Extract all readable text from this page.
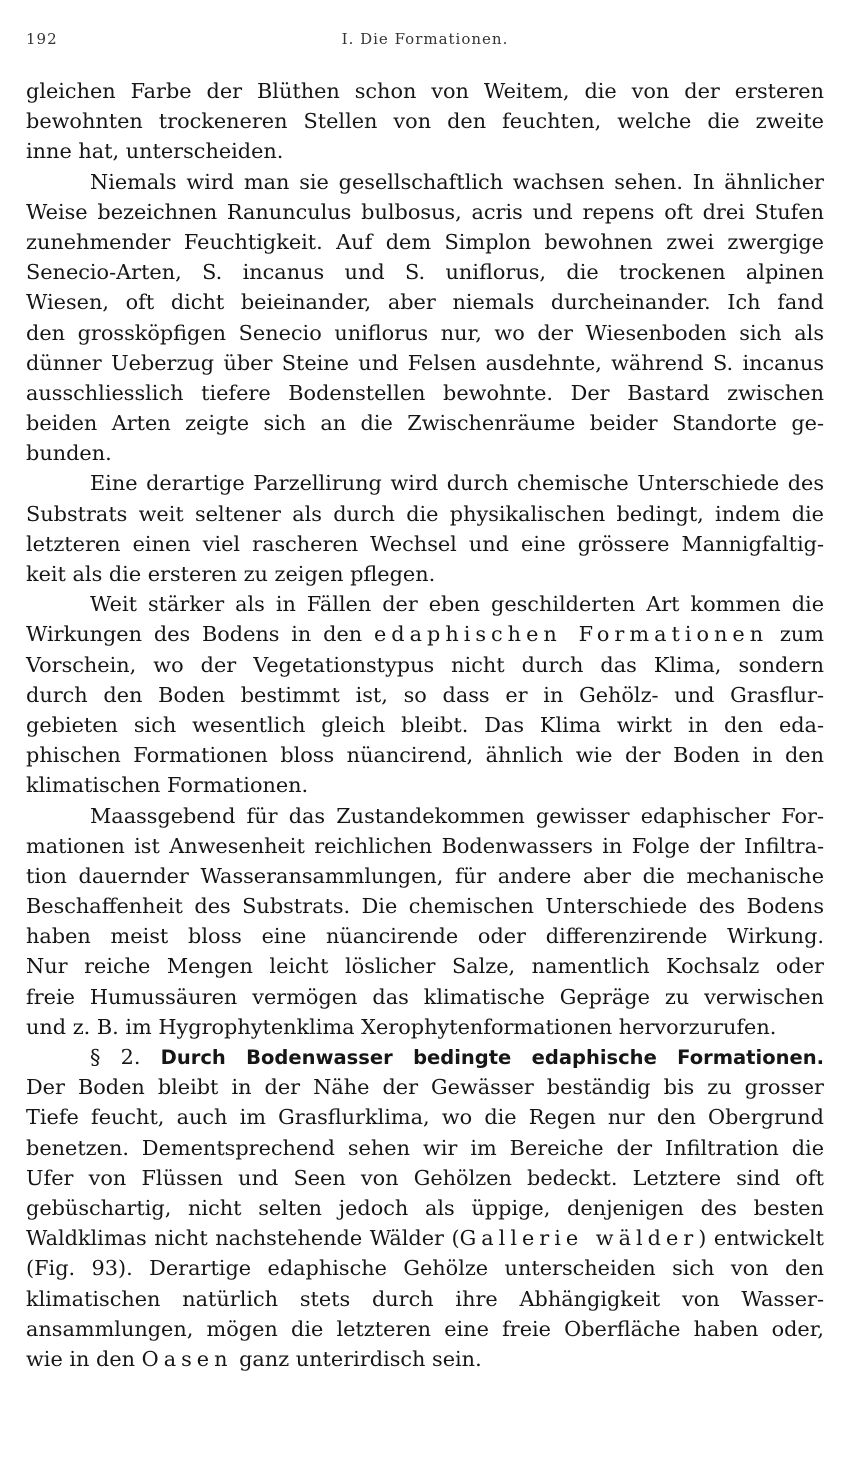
192	I. Die Formationen.
gleichen Farbe der Blüthen schon von Weitem, die von der ersteren
bewohnten trockeneren Stellen von den feuchten, welche die zweite
inne hat, unterscheiden.
Niemals wird man sie gesellschaftlich wachsen sehen. In ähnlicher
Weise bezeichnen Ranunculus bulbosus, acris und repens oft drei Stufen
zunehmender Feuchtigkeit. Auf dem Simplon bewohnen zwei zwergige
Senecio-Arten, S. incanus und S. uniflorus, die trockenen alpinen
Wiesen, oft dicht beieinander, aber niemals durcheinander. Ich fand
den grossköpfigen Senecio uniflorus nur, wo der Wiesenboden sich als
dünner Ueberzug über Steine und Felsen ausdehnte, während S. incanus
ausschliesslich tiefere Bodenstellen bewohnte. Der Bastard zwischen
beiden Arten zeigte sich an die Zwischenräume beider Standorte ge-
bunden.
Eine derartige Parzellirung wird durch chemische Unterschiede des
Substrats weit seltener als durch die physikalischen bedingt, indem die
letzteren einen viel rascheren Wechsel und eine grössere Mannigfaltig-
keit als die ersteren zu zeigen pflegen.
Weit stärker als in Fällen der eben geschilderten Art kommen die
Wirkungen des Bodens in den edaphischen Formationen zum
Vorschein, wo der Vegetationstypus nicht durch das Klima, sondern
durch den Boden bestimmt ist, so dass er in Gehölz- und Grasflur-
gebieten sich wesentlich gleich bleibt. Das Klima wirkt in den eda-
phischen Formationen bloss nüancirend, ähnlich wie der Boden in den
klimatischen Formationen.
Maassgebend für das Zustandekommen gewisser edaphischer For-
mationen ist Anwesenheit reichlichen Bodenwassers in Folge der Infiltra-
tion dauernder Wasseransammlungen, für andere aber die mechanische
Beschaffenheit des Substrats. Die chemischen Unterschiede des Bodens
haben meist bloss eine nüancirende oder differenzirende Wirkung.
Nur reiche Mengen leicht löslicher Salze, namentlich Kochsalz oder
freie Humussäuren vermögen das klimatische Gepräge zu verwischen
und z. B. im Hygrophytenklima Xerophytenformationen hervorzurufen.
§ 2. Durch Bodenwasser bedingte edaphische Formationen.
Der Boden bleibt in der Nähe der Gewässer beständig bis zu grosser
Tiefe feucht, auch im Grasflurklima, wo die Regen nur den Obergrund
benetzen. Dementsprechend sehen wir im Bereiche der Infiltration die
Ufer von Flüssen und Seen von Gehölzen bedeckt. Letztere sind oft
gebüschartig, nicht selten jedoch als üppige, denjenigen des besten
Waldklimas nicht nachstehende Wälder (Gallerie wälder) entwickelt
(Fig. 93). Derartige edaphische Gehölze unterscheiden sich von den
klimatischen natürlich stets durch ihre Abhängigkeit von Wasser-
ansammlungen, mögen die letzteren eine freie Oberfläche haben oder,
wie in den Oasen ganz unterirdisch sein.
